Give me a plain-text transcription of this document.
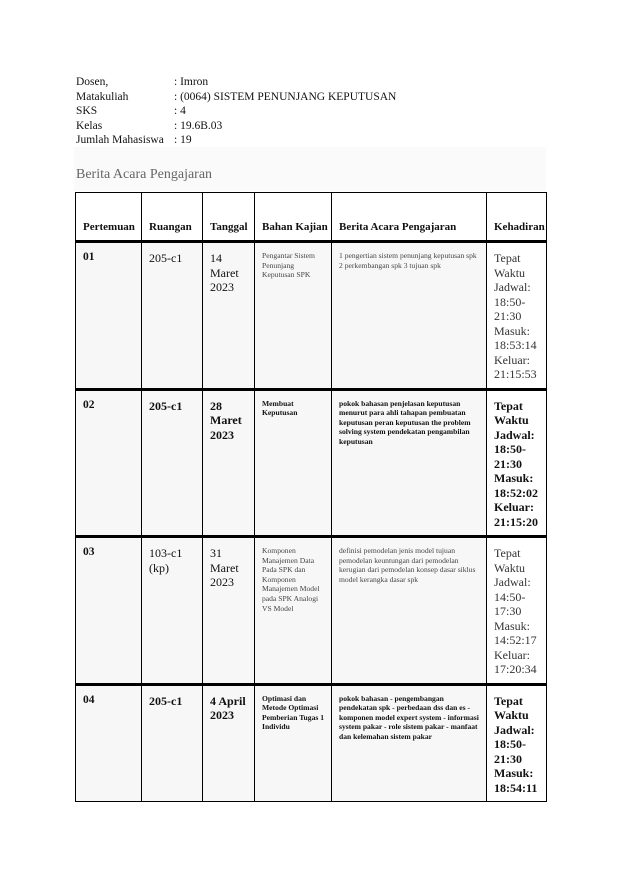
Dosen,	: Imron
Matakuliah	: (0064) SISTEM PENUNJANG KEPUTUSAN
SKS	: 4
Kelas	: 19.6B.03
Jumlah Mahasiswa : 19
Berita Acara Pengajaran
Pertemuan	Ruangan	Tanggal	Bahan Kajian	Berita Acara Pengajaran	Kehadiran

01	205-c1	14 Maret 2023	Pengantar Sistem Penunjang Keputusan SPK	1 pengertian sistem penunjang keputusan spk 2 perkembangan spk 3 tujuan spk	Tepat Waktu Jadwal: 18:50-21:30 Masuk: 18:53:14 Keluar: 21:15:53

02	205-c1	28 Maret 2023	Membuat Keputusan	pokok bahasan penjelasan keputusan menurut para ahli tahapan pembuatan keputusan peran keputusan the problem solving system pendekatan pengambilan keputusan	Tepat Waktu Jadwal: 18:50-21:30 Masuk: 18:52:02 Keluar: 21:15:20

03	103-c1 (kp)	31 Maret 2023	Komponen Manajemen Data Pada SPK dan Komponen Manajemen Model pada SPK Analogi VS Model	definisi pemodelan jenis model tujuan pemodelan keuntungan dari pemodelan kerugian dari pemodelan konsep dasar siklus model kerangka dasar spk	Tepat Waktu Jadwal: 14:50-17:30 Masuk: 14:52:17 Keluar: 17:20:34

04	205-c1	4 April 2023	Optimasi dan Metode Optimasi Pemberian Tugas 1 Individu	pokok bahasan - pengembangan pendekatan spk - perbedaan dss dan es - komponen model expert system - informasi system pakar - role sistem pakar - manfaat dan kelemahan sistem pakar	Tepat Waktu Jadwal: 18:50-21:30 Masuk: 18:54:11
